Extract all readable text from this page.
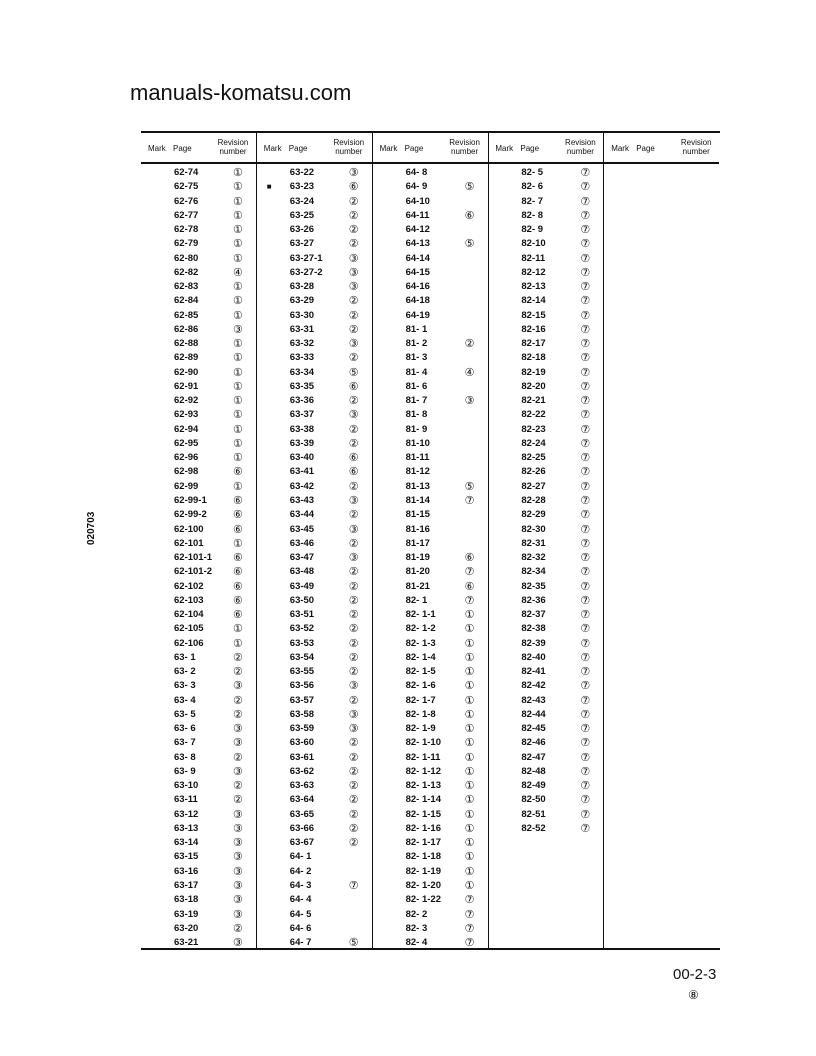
Mark Page
Revision number
62-74	①
62-75	①
62-76	①
62-77	①
62-78	①
62-79	①
62-80	①
62-82	④
62-83	①
62-84	①
62-85	①
62-86	③
62-88	①
62-89	①
62-90	①
62-91	①
62-92	①
62-93	①
62-94	①
62-95	①
62-96	①
62-98	⑥
62-99	①
62-99-1 ⑥
62-99-2 ⑥
62-100	⑥
62-101	①
62-101-1 ⑥
62-101-2 ⑥
62-102	⑥
62-103	⑥
62-104	⑥
62-105	①
62-106	①
63- 1	②
63- 2	②
63- 3	③
63- 4	②
63- 5	②
63- 6	③
63- 7	③
63- 8	②
63- 9	③
63-10	②
63-11	②
63-12	③
63-13	③
63-14	③
63-15	③
63-16	③
63-17	③
63-18	③
63-19	③
63-20	②
63-21	③
Mark Page
Revision number
63-22	③
■ 63-23	⑥
63-24	②
63-25	②
63-26	②
63-27	②
63-27-1 ③
63-27-2 ③
63-28	③
63-29	②
63-30	②
63-31	②
63-32	③
63-33	②
63-34	⑤
63-35	⑥
63-36	②
63-37	③
63-38	②
63-39	②
63-40	⑥
63-41	⑥
63-42	②
63-43	③
63-44	②
63-45	③
63-46	②
63-47	③
63-48	②
63-49	②
63-50	②
63-51	②
63-52	②
63-53	②
63-54	②
63-55	②
63-56	③
63-57	②
63-58	③
63-59	③
63-60	②
63-61	②
63-62	②
63-63	②
63-64	②
63-65	②
63-66	②
63-67	②
64- 1
64- 2
64- 3	⑦
64- 4
64- 5
64- 6
64- 7	⑤
Mark Page
Revision number
64- 8
64- 9	⑤
64-10
64-11	⑥
64-12
64-13	⑤
64-14
64-15
64-16
64-18
64-19
81- 1
81- 2	②
81- 3
81- 4	④
81- 6
81- 7	③
81- 8
81- 9
81-10
81-11
81-12
81-13	⑤
81-14	⑦
81-15
81-16
81-17
81-19	⑥
81-20	⑦
81-21	⑥
82- 1	⑦
82- 1-1	①
82- 1-2	①
82- 1-3	①
82- 1-4	①
82- 1-5	①
82- 1-6	①
82- 1-7	①
82- 1-8	①
82- 1-9	①
82- 1-10 ①
82- 1-11 ①
82- 1-12 ①
82- 1-13 ①
82- 1-14 ①
82- 1-15 ①
82- 1-16 ①
82- 1-17 ①
82- 1-18 ①
82- 1-19 ①
82- 1-20 ①
82- 1-22 ⑦
82- 2	⑦
82- 3	⑦
82- 4	⑦
Mark Page
Revision number
82- 5	⑦
82- 6	⑦
82- 7	⑦
82- 8	⑦
82- 9	⑦
82-10	⑦
82-11	⑦
82-12	⑦
82-13	⑦
82-14	⑦
82-15	⑦
82-16	⑦
82-17	⑦
82-18	⑦
82-19	⑦
82-20	⑦
82-21	⑦
82-22	⑦
82-23	⑦
82-24	⑦
82-25	⑦
82-26	⑦
82-27	⑦
82-28	⑦
82-29	⑦
82-30	⑦
82-31	⑦
82-32	⑦
82-34	⑦
82-35	⑦
82-36	⑦
82-37	⑦
82-38	⑦
82-39	⑦
82-40	⑦
82-41	⑦
82-42	⑦
82-43	⑦
82-44	⑦
82-45	⑦
82-46	⑦
82-47	⑦
82-48	⑦
82-49	⑦
82-50	⑦
82-51	⑦
82-52	⑦
Mark Page
Revision number
020703
manuals-komatsu.com
00-2-3
⑧
